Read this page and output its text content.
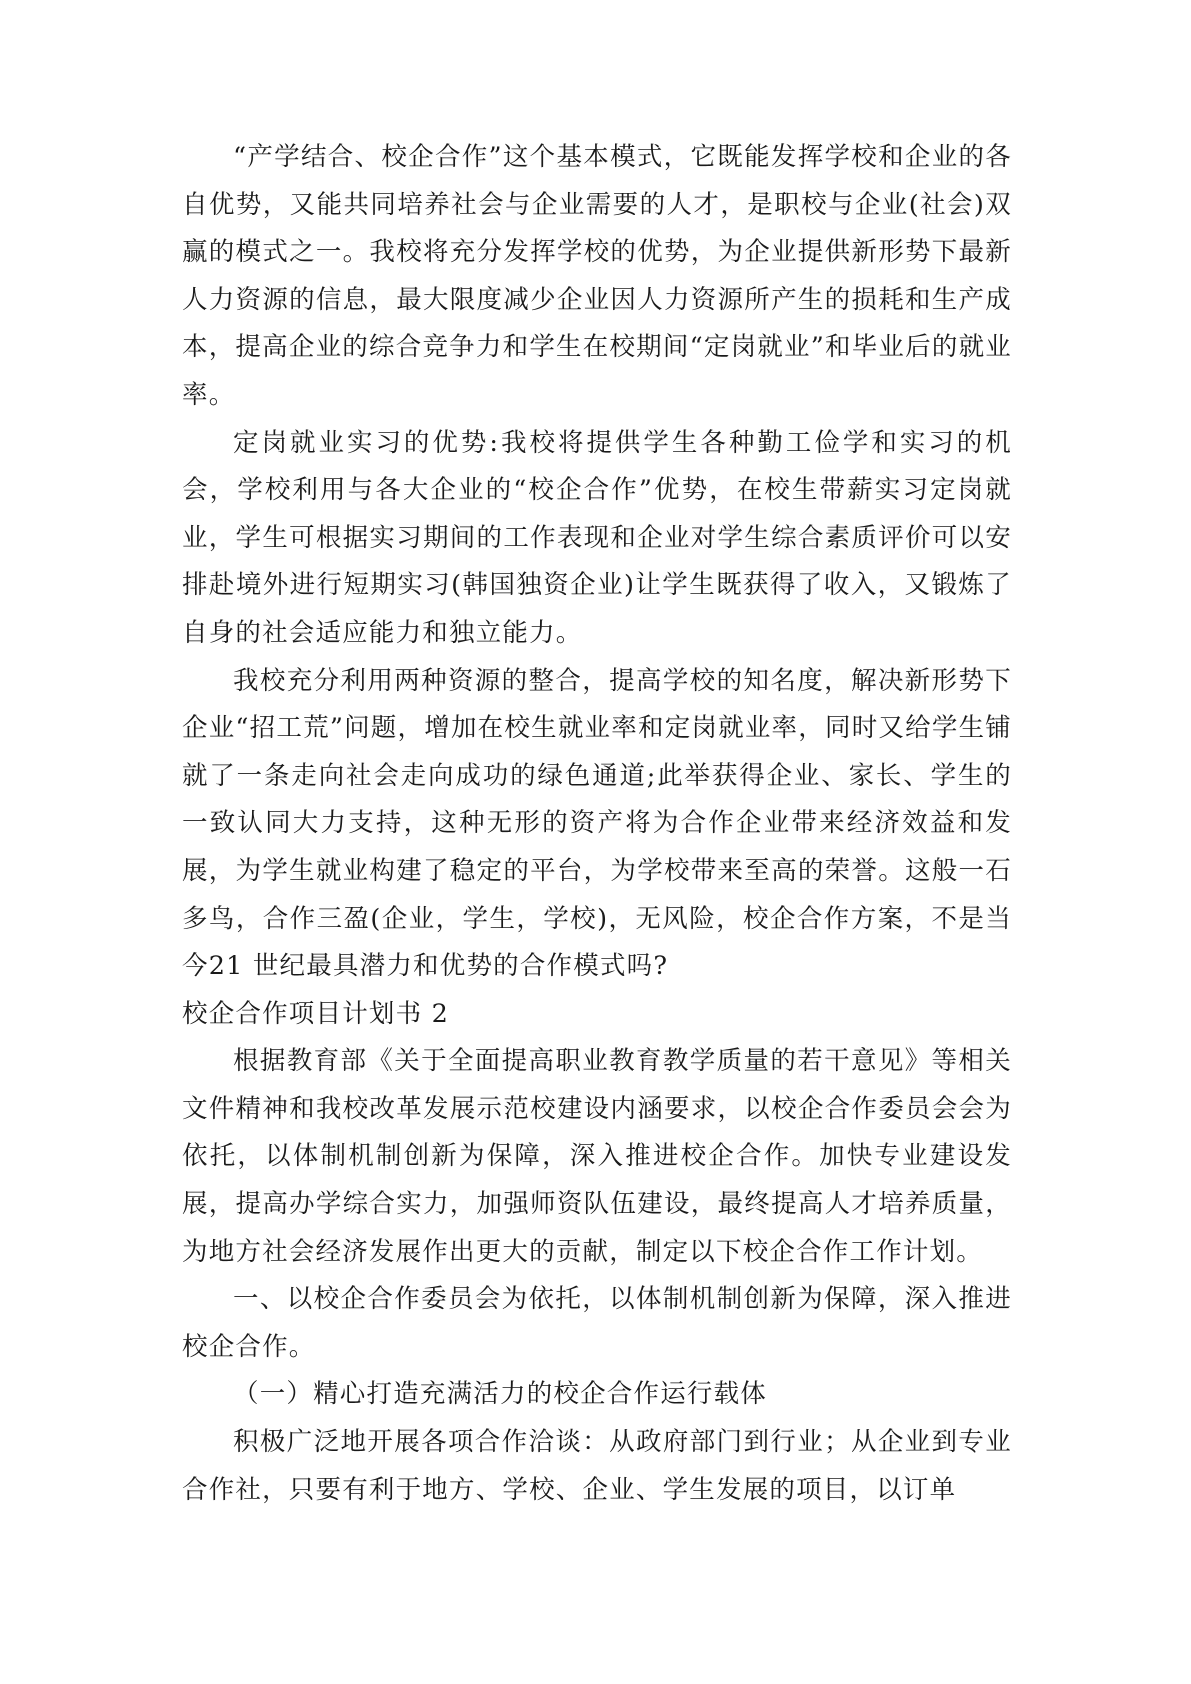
“产学结合、校企合作”这个基本模式，它既能发挥学校和企业的各自优势，又能共同培养社会与企业需要的人才，是职校与企业(社会)双赢的模式之一。我校将充分发挥学校的优势，为企业提供新形势下最新人力资源的信息，最大限度减少企业因人力资源所产生的损耗和生产成本，提高企业的综合竞争力和学生在校期间“定岗就业”和毕业后的就业率。

定岗就业实习的优势:我校将提供学生各种勤工俭学和实习的机会，学校利用与各大企业的“校企合作”优势，在校生带薪实习定岗就业，学生可根据实习期间的工作表现和企业对学生综合素质评价可以安排赴境外进行短期实习(韩国独资企业)让学生既获得了收入，又锻炼了自身的社会适应能力和独立能力。

我校充分利用两种资源的整合，提高学校的知名度，解决新形势下企业“招工荒”问题，增加在校生就业率和定岗就业率，同时又给学生铺就了一条走向社会走向成功的绿色通道;此举获得企业、家长、学生的一致认同大力支持，这种无形的资产将为合作企业带来经济效益和发展，为学生就业构建了稳定的平台，为学校带来至高的荣誉。这般一石多鸟，合作三盈(企业，学生，学校)，无风险，校企合作方案，不是当今21 世纪最具潜力和优势的合作模式吗?

校企合作项目计划书 2

根据教育部《关于全面提高职业教育教学质量的若干意见》等相关文件精神和我校改革发展示范校建设内涵要求，以校企合作委员会会为依托，以体制机制创新为保障，深入推进校企合作。加快专业建设发展，提高办学综合实力，加强师资队伍建设，最终提高人才培养质量，为地方社会经济发展作出更大的贡献，制定以下校企合作工作计划。

一、以校企合作委员会为依托，以体制机制创新为保障，深入推进校企合作。

（一）精心打造充满活力的校企合作运行载体

积极广泛地开展各项合作洽谈：从政府部门到行业；从企业到专业合作社，只要有利于地方、学校、企业、学生发展的项目，以订单
